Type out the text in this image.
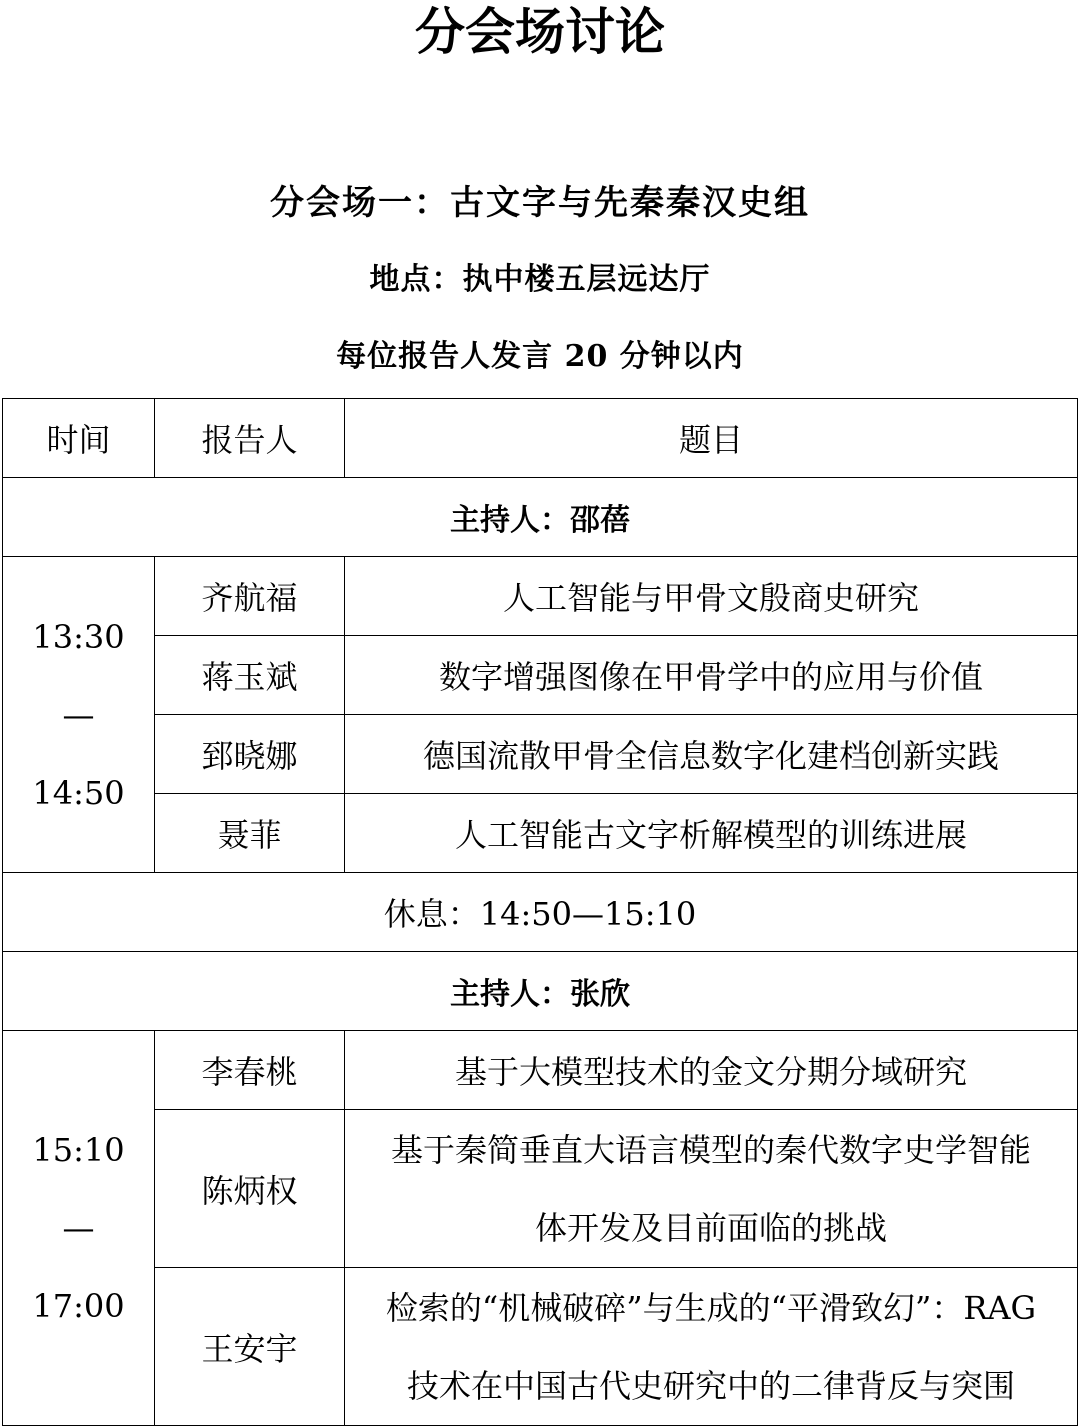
分会场讨论
分会场一：古文字与先秦秦汉史组
地点：执中楼五层远达厅
每位报告人发言 20 分钟以内
时间	报告人	题目
主持人：邵蓓		

13:30
—
14:50	齐航福	人工智能与甲骨文殷商史研究
	蒋玉斌	数字增强图像在甲骨学中的应用与价值
	郅晓娜	德国流散甲骨全信息数字化建档创新实践
	聂菲	人工智能古文字析解模型的训练进展
休息：14:50—15:10		
主持人：张欣		

15:10
—
17:00	李春桃	基于大模型技术的金文分期分域研究
	陈炳权	基于秦简垂直大语言模型的秦代数字史学智能
体开发及目前面临的挑战

	王安宇	检索的“机械破碎”与生成的“平滑致幻”：RAG
技术在中国古代史研究中的二律背反与突围
